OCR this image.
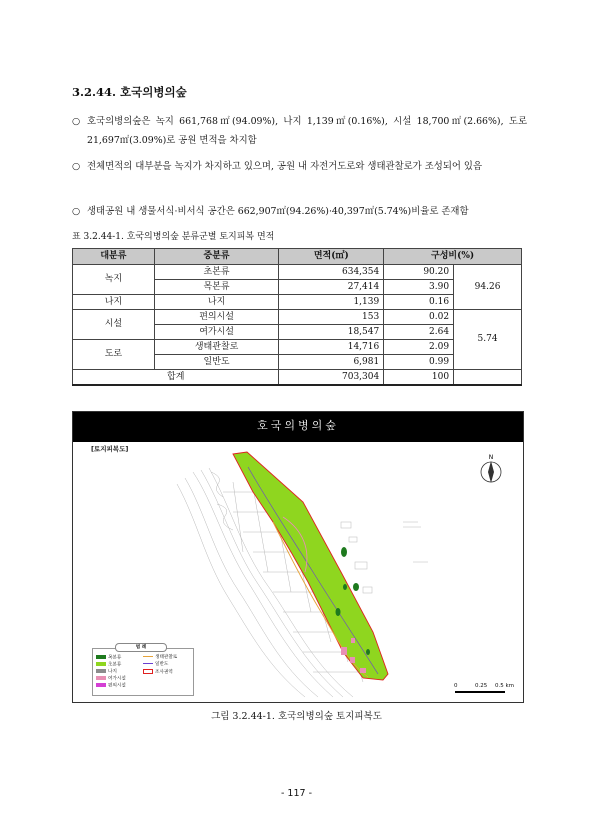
3.2.44. 호국의병의숲
○ 호국의병의숲은 녹지 661,768㎡(94.09%), 나지 1,139㎡(0.16%), 시설 18,700㎡(2.66%), 도로 21,697㎡(3.09%)로 공원 면적을 차지함
○ 전체면적의 대부분을 녹지가 차지하고 있으며, 공원 내 자전거도로와 생태관찰로가 조성되어 있음
○ 생태공원 내 생물서식·비서식 공간은 662,907㎡(94.26%)·40,397㎡(5.74%)비율로 존재함
표 3.2.44-1. 호국의병의숲 분류군별 토지피복 면적
대분류	중분류	면적(㎡)	구성비(%)	
녹지	초본류	634,354	90.20	94.26
	목본류	27,414	3.90	
나지	나지	1,139	0.16	
시설	편의시설	153	0.02	5.74
	여가시설	18,547	2.64	
도로	생태관찰로	14,716	2.09	
	일반도	6,981	0.99	
합계		703,304	100	
호국의병의숲
[토지피복도]
N
범 례
목본류
초본류
나지
여가시설
편의시설
생태관찰로
일반도
조사권역
0	0.25 0.5 km
그림 3.2.44-1. 호국의병의숲 토지피복도
- 117 -
